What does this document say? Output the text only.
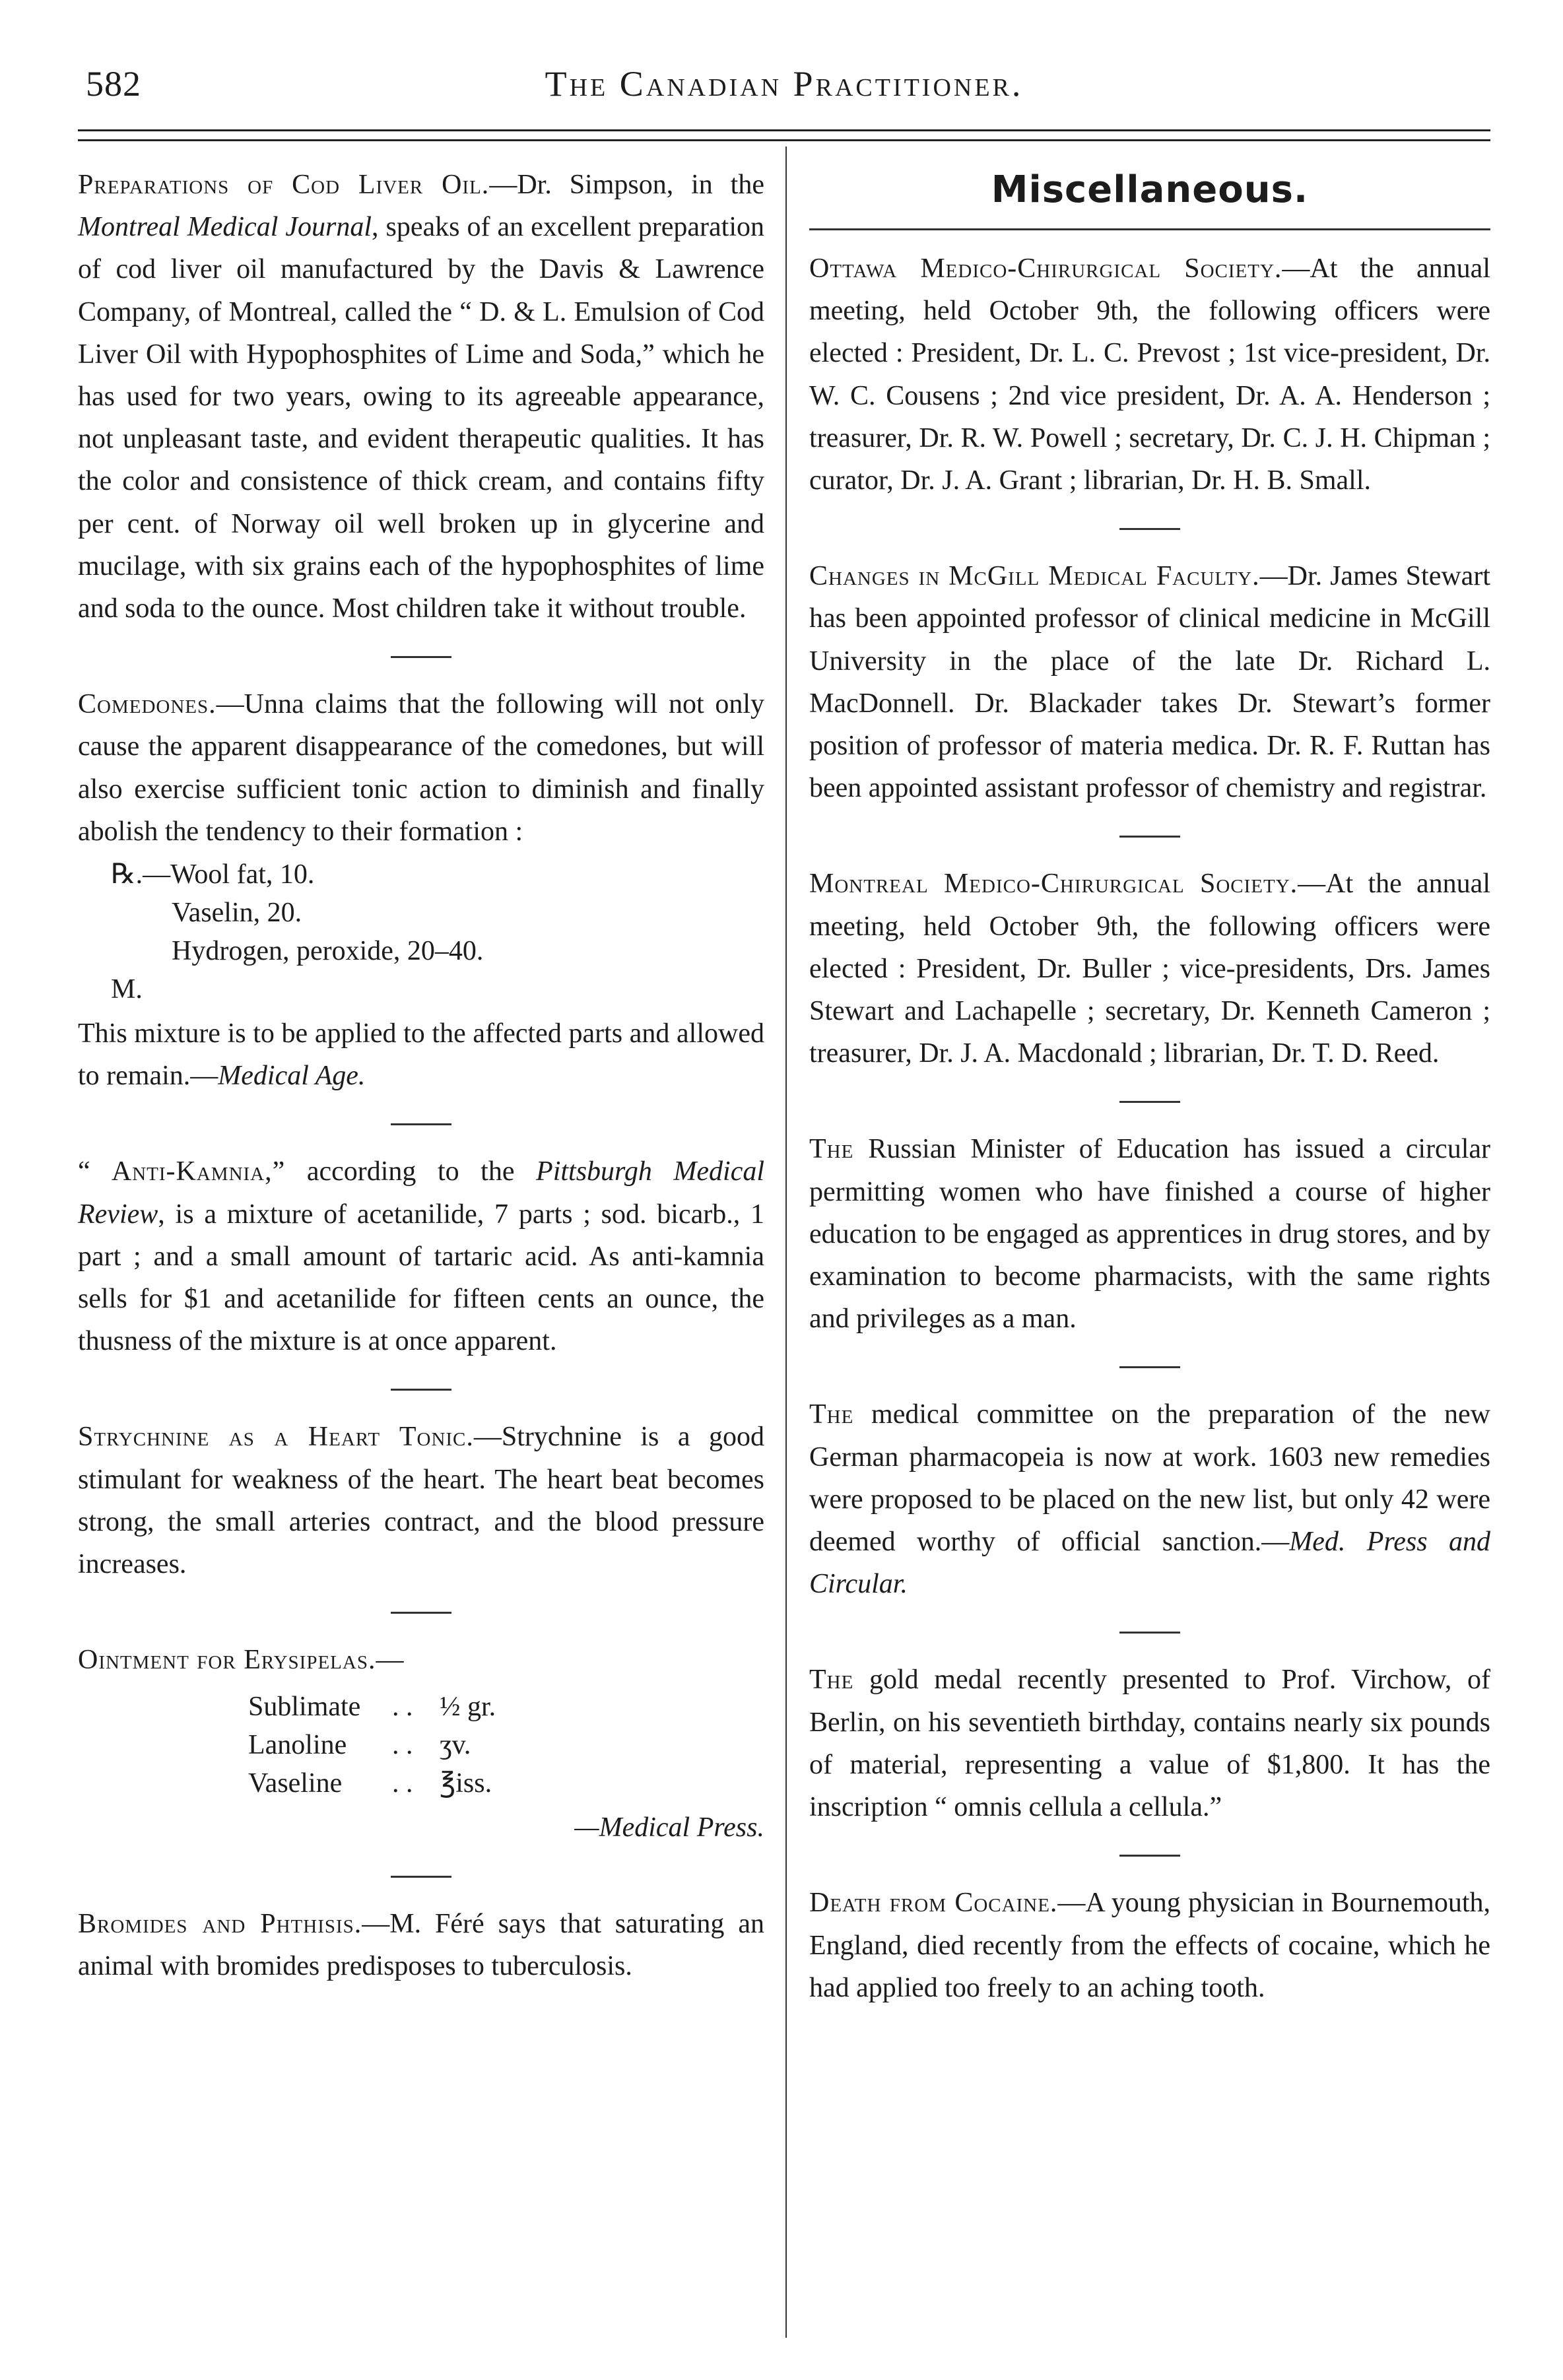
582	The Canadian Practitioner.

Preparations of Cod Liver Oil.—Dr. Simpson, in the Montreal Medical Journal, speaks of an excellent preparation of cod liver oil manufactured by the Davis & Lawrence Company, of Montreal, called the “ D. & L. Emulsion of Cod Liver Oil with Hypophosphites of Lime and Soda,” which he has used for two years, owing to its agreeable appearance, not unpleasant taste, and evident therapeutic qualities. It has the color and consistence of thick cream, and contains fifty per cent. of Norway oil well broken up in glycerine and mucilage, with six grains each of the hypophosphites of lime and soda to the ounce. Most children take it without trouble.

Comedones.—Unna claims that the following will not only cause the apparent disappearance of the comedones, but will also exercise sufficient tonic action to diminish and finally abolish the tendency to their formation :

℞.—Wool fat, 10.
Vaselin, 20.
Hydrogen, peroxide, 20–40.
M.

This mixture is to be applied to the affected parts and allowed to remain.—Medical Age.

“ Anti-Kamnia,” according to the Pittsburgh Medical Review, is a mixture of acetanilide, 7 parts ; sod. bicarb., 1 part ; and a small amount of tartaric acid. As anti-kamnia sells for $1 and acetanilide for fifteen cents an ounce, the thusness of the mixture is at once apparent.

Strychnine as a Heart Tonic.—Strychnine is a good stimulant for weakness of the heart. The heart beat becomes strong, the small arteries contract, and the blood pressure increases.

Ointment for Erysipelas.—

Sublimate	. . ½ gr.
Lanoline	. . ʒv.
Vaseline	. . ℥iss.
—Medical Press.

Bromides and Phthisis.—M. Féré says that saturating an animal with bromides predisposes to tuberculosis.

Miscellaneous.

Ottawa Medico-Chirurgical Society.—At the annual meeting, held October 9th, the following officers were elected : President, Dr. L. C. Prevost ; 1st vice-president, Dr. W. C. Cousens ; 2nd vice president, Dr. A. A. Henderson ; treasurer, Dr. R. W. Powell ; secretary, Dr. C. J. H. Chipman ; curator, Dr. J. A. Grant ; librarian, Dr. H. B. Small.

Changes in McGill Medical Faculty.—Dr. James Stewart has been appointed professor of clinical medicine in McGill University in the place of the late Dr. Richard L. MacDonnell. Dr. Blackader takes Dr. Stewart’s former position of professor of materia medica. Dr. R. F. Ruttan has been appointed assistant professor of chemistry and registrar.

Montreal Medico-Chirurgical Society.—At the annual meeting, held October 9th, the following officers were elected : President, Dr. Buller ; vice-presidents, Drs. James Stewart and Lachapelle ; secretary, Dr. Kenneth Cameron ; treasurer, Dr. J. A. Macdonald ; librarian, Dr. T. D. Reed.

The Russian Minister of Education has issued a circular permitting women who have finished a course of higher education to be engaged as apprentices in drug stores, and by examination to become pharmacists, with the same rights and privileges as a man.

The medical committee on the preparation of the new German pharmacopeia is now at work. 1603 new remedies were proposed to be placed on the new list, but only 42 were deemed worthy of official sanction.—Med. Press and Circular.

The gold medal recently presented to Prof. Virchow, of Berlin, on his seventieth birthday, contains nearly six pounds of material, representing a value of $1,800. It has the inscription “ omnis cellula a cellula.”

Death from Cocaine.—A young physician in Bournemouth, England, died recently from the effects of cocaine, which he had applied too freely to an aching tooth.
